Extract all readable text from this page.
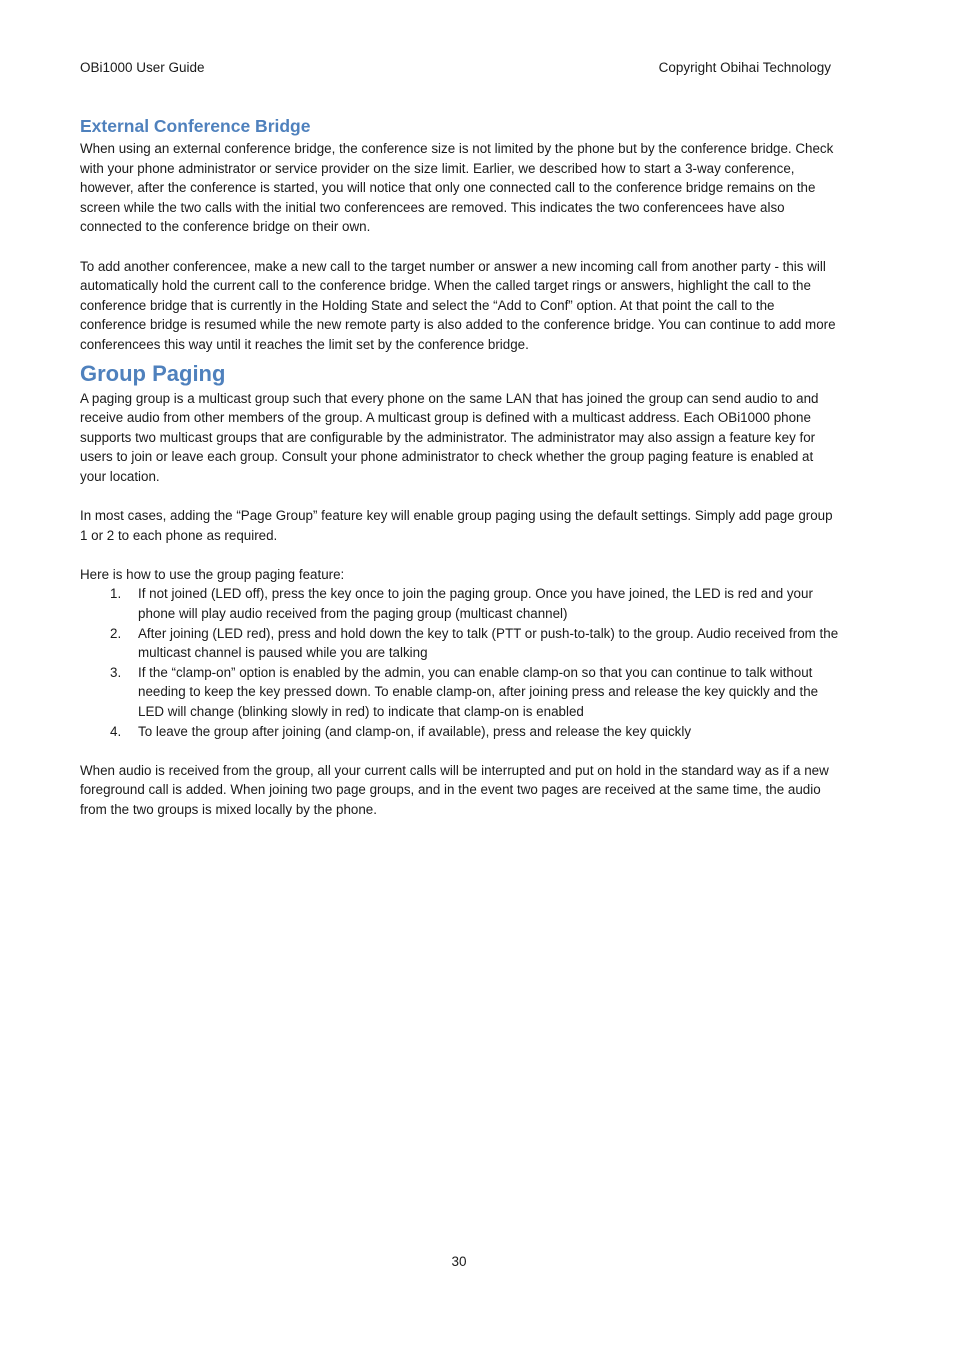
OBi1000 User Guide	Copyright Obihai Technology
External Conference Bridge

When using an external conference bridge, the conference size is not limited by the phone but by the conference bridge. Check with your phone administrator or service provider on the size limit. Earlier, we described how to start a 3-way conference, however, after the conference is started, you will notice that only one connected call to the conference bridge remains on the screen while the two calls with the initial two conferencees are removed. This indicates the two conferencees have also connected to the conference bridge on their own.

To add another conferencee, make a new call to the target number or answer a new incoming call from another party - this will automatically hold the current call to the conference bridge. When the called target rings or answers, highlight the call to the conference bridge that is currently in the Holding State and select the “Add to Conf” option. At that point the call to the conference bridge is resumed while the new remote party is also added to the conference bridge. You can continue to add more conferencees this way until it reaches the limit set by the conference bridge.

Group Paging

A paging group is a multicast group such that every phone on the same LAN that has joined the group can send audio to and receive audio from other members of the group. A multicast group is defined with a multicast address. Each OBi1000 phone supports two multicast groups that are configurable by the administrator. The administrator may also assign a feature key for users to join or leave each group. Consult your phone administrator to check whether the group paging feature is enabled at your location.

In most cases, adding the “Page Group” feature key will enable group paging using the default settings. Simply add page group 1 or 2 to each phone as required.

Here is how to use the group paging feature:

1. If not joined (LED off), press the key once to join the paging group. Once you have joined, the LED is red and your phone will play audio received from the paging group (multicast channel)
2. After joining (LED red), press and hold down the key to talk (PTT or push-to-talk) to the group. Audio received from the multicast channel is paused while you are talking
3. If the “clamp-on” option is enabled by the admin, you can enable clamp-on so that you can continue to talk without needing to keep the key pressed down. To enable clamp-on, after joining press and release the key quickly and the LED will change (blinking slowly in red) to indicate that clamp-on is enabled
4. To leave the group after joining (and clamp-on, if available), press and release the key quickly

When audio is received from the group, all your current calls will be interrupted and put on hold in the standard way as if a new foreground call is added. When joining two page groups, and in the event two pages are received at the same time, the audio from the two groups is mixed locally by the phone.

30
